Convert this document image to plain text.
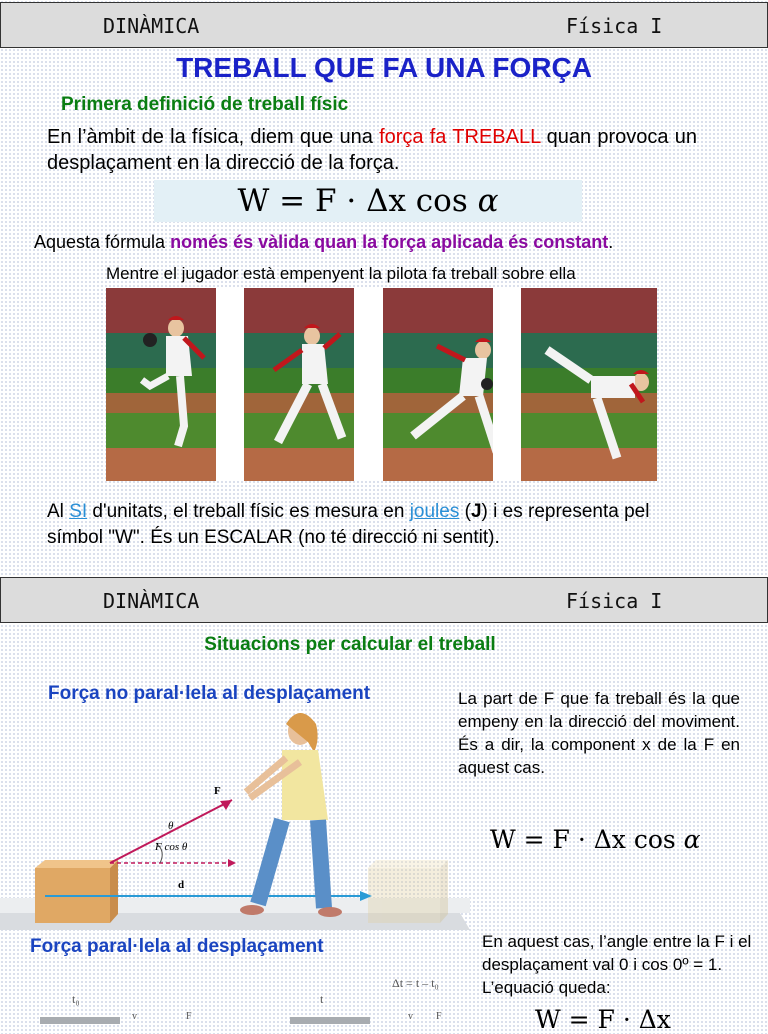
DINÀMICA	Física I
TREBALL QUE FA UNA FORÇA
Primera definició de treball físic
En l’àmbit de la física, diem que una força fa TREBALL quan provoca un desplaçament en la direcció de la força.
W = F · Δx cos α
Aquesta fórmula només és vàlida quan la força aplicada és constant.
Mentre el jugador està empenyent la pilota fa treball sobre ella
Al SI d'unitats, el treball físic es mesura en joules (J) i es representa pel símbol "W". És un ESCALAR (no té direcció ni sentit).
DINÀMICA	Física I
Situacions per calcular el treball
Força no paral·lela al desplaçament	La part de F que fa treball és la que empeny en la direcció del moviment. És a dir, la component x de la F en aquest cas.
W = F · Δx cos α
F
θ
F cos θ
d
Força paral·lela al desplaçament	En aquest cas, l’angle entre la F i el desplaçament val 0 i cos 0º = 1. L’equació queda:
W = F · Δx
t₀	t
Δt = t – t₀
v	F	v F
